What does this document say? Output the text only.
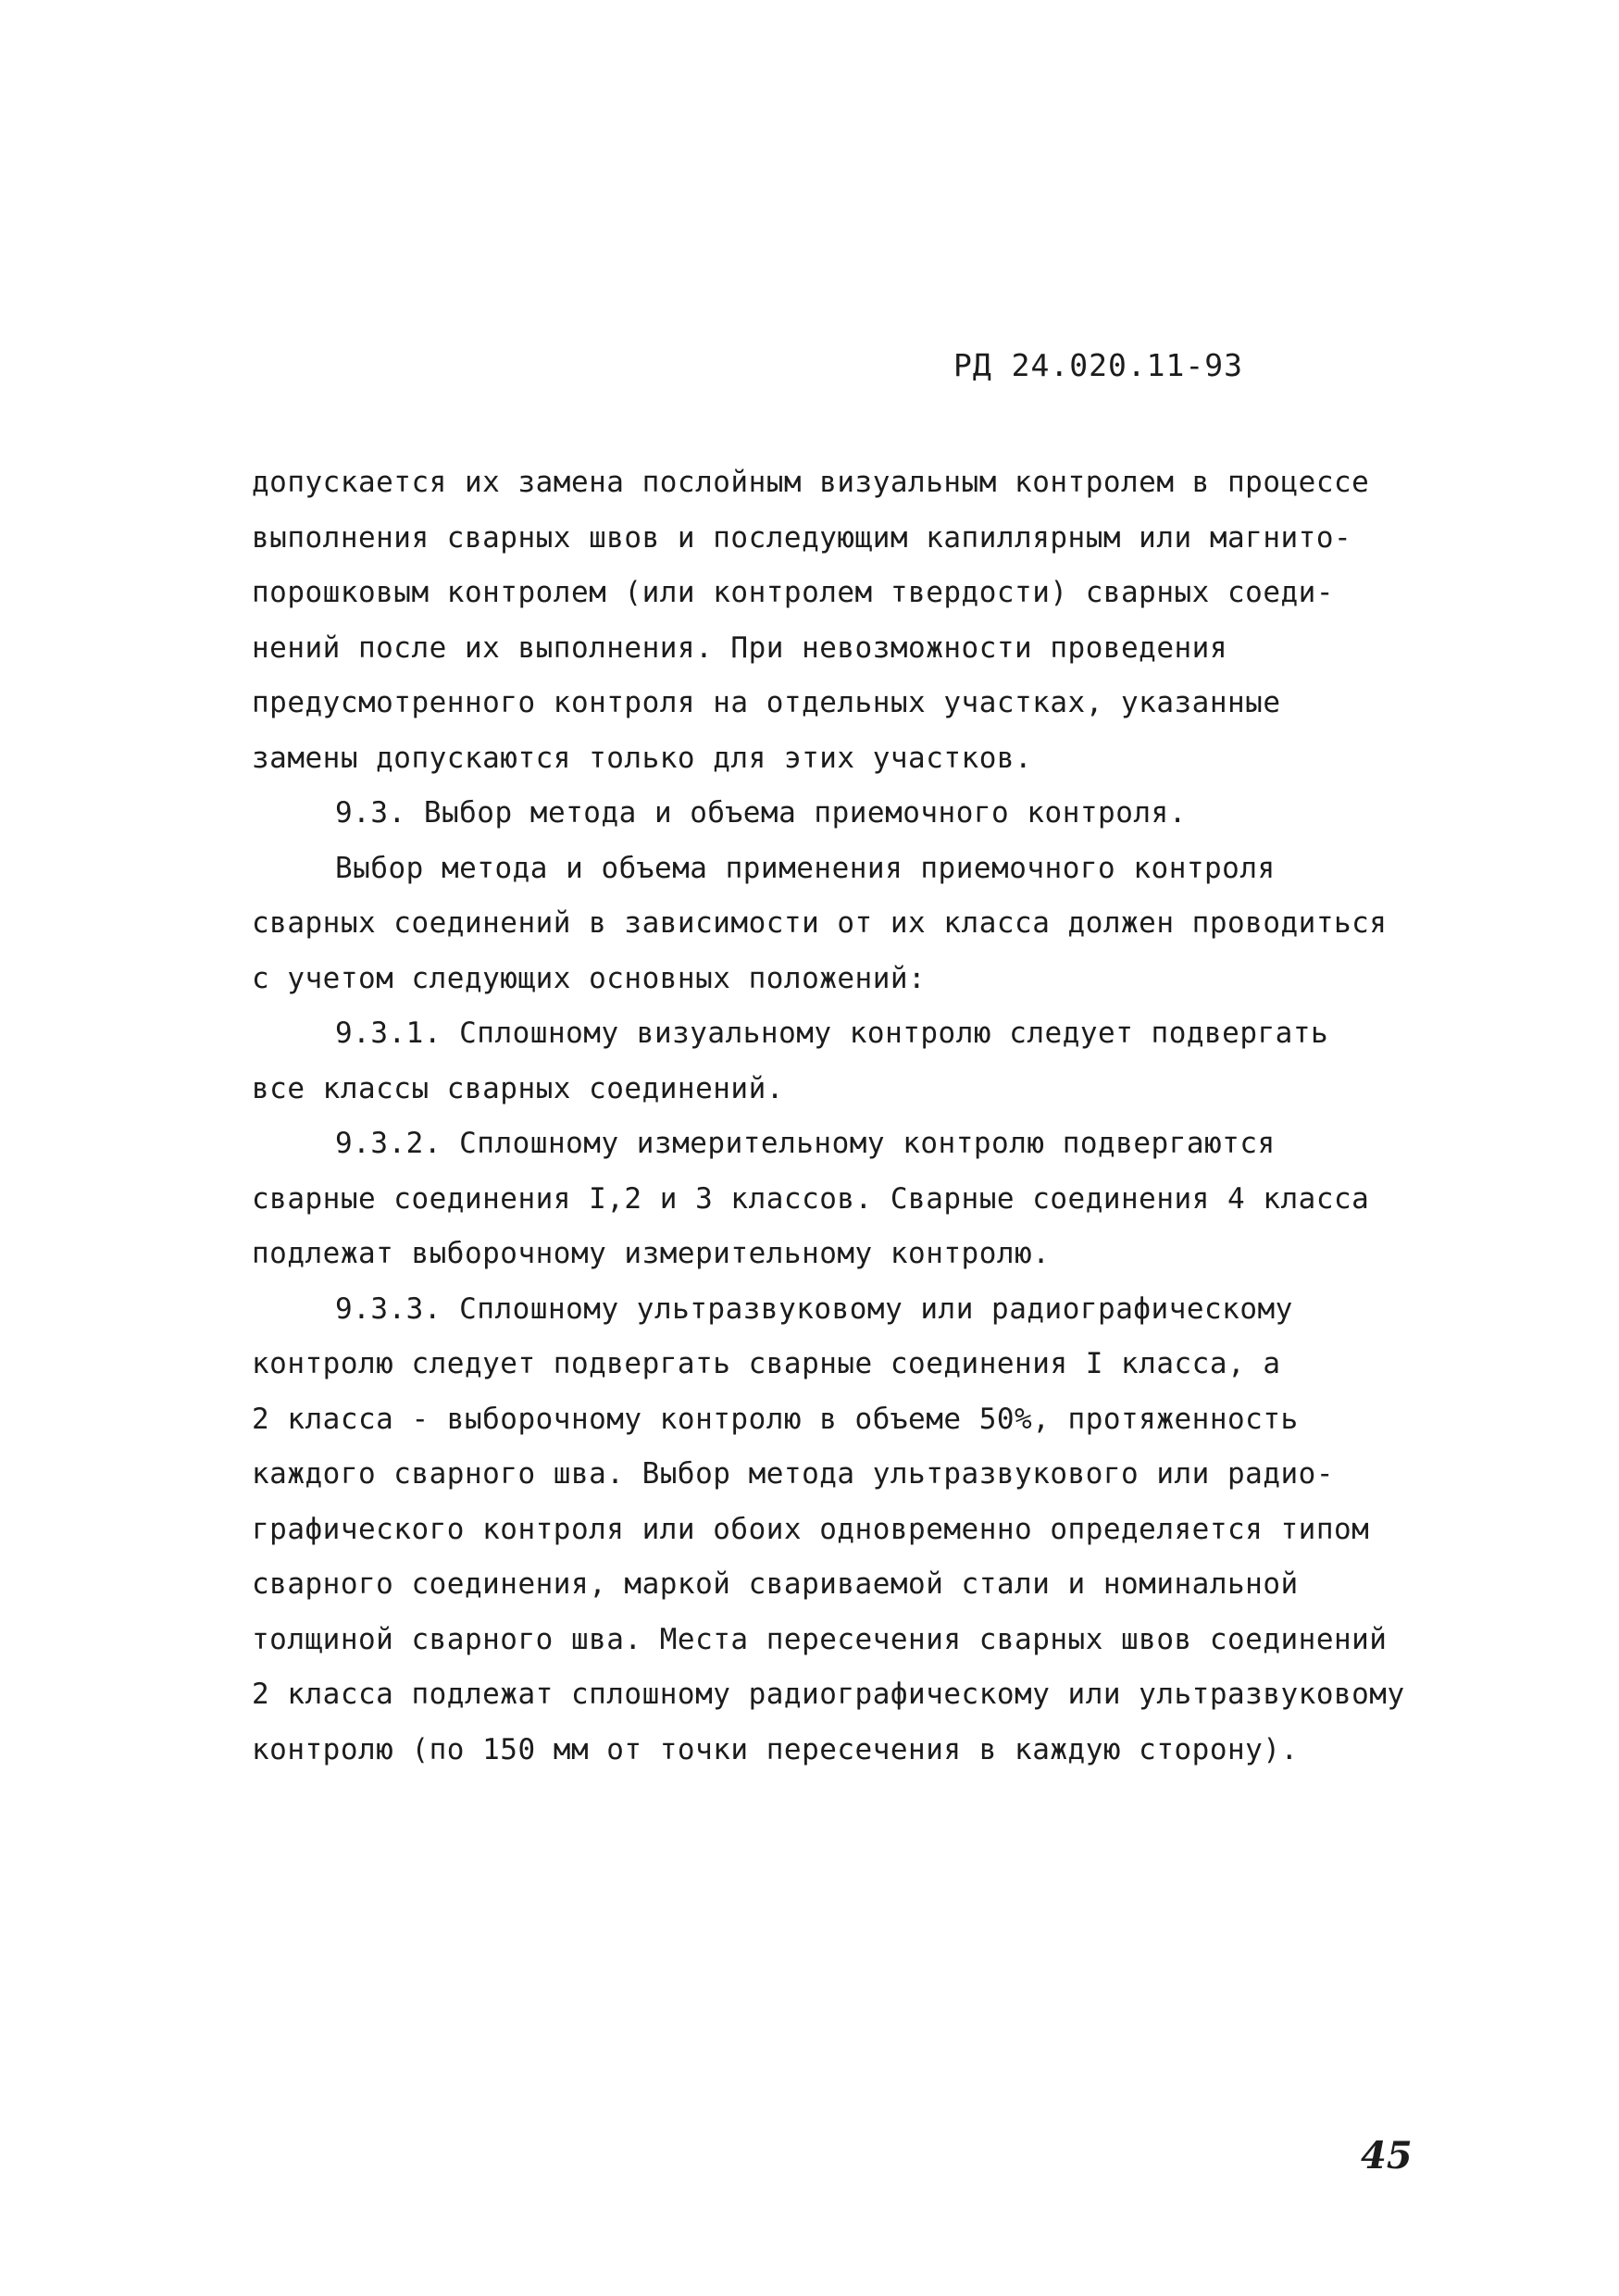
РД 24.020.11-93
допускается их замена послойным визуальным контролем в процессе
выполнения сварных швов и последующим капиллярным или магнито-
порошковым контролем (или контролем твердости) сварных соеди-
нений после их выполнения. При невозможности проведения
предусмотренного контроля на отдельных участках, указанные
замены допускаются только для этих участков.
9.3. Выбор метода и объема приемочного контроля.
Выбор метода и объема применения приемочного контроля
сварных соединений в зависимости от их класса должен проводиться
с учетом следующих основных положений:
9.3.1. Сплошному визуальному контролю следует подвергать
все классы сварных соединений.
9.3.2. Сплошному измерительному контролю подвергаются
сварные соединения I,2 и 3 классов. Сварные соединения 4 класса
подлежат выборочному измерительному контролю.
9.3.3. Сплошному ультразвуковому или радиографическому
контролю следует подвергать сварные соединения I класса, а
2 класса - выборочному контролю в объеме 50%, протяженность
каждого сварного шва. Выбор метода ультразвукового или радио-
графического контроля или обоих одновременно определяется типом
сварного соединения, маркой свариваемой стали и номинальной
толщиной сварного шва. Места пересечения сварных швов соединений
2 класса подлежат сплошному радиографическому или ультразвуковому
контролю (по 150 мм от точки пересечения в каждую сторону).
45
